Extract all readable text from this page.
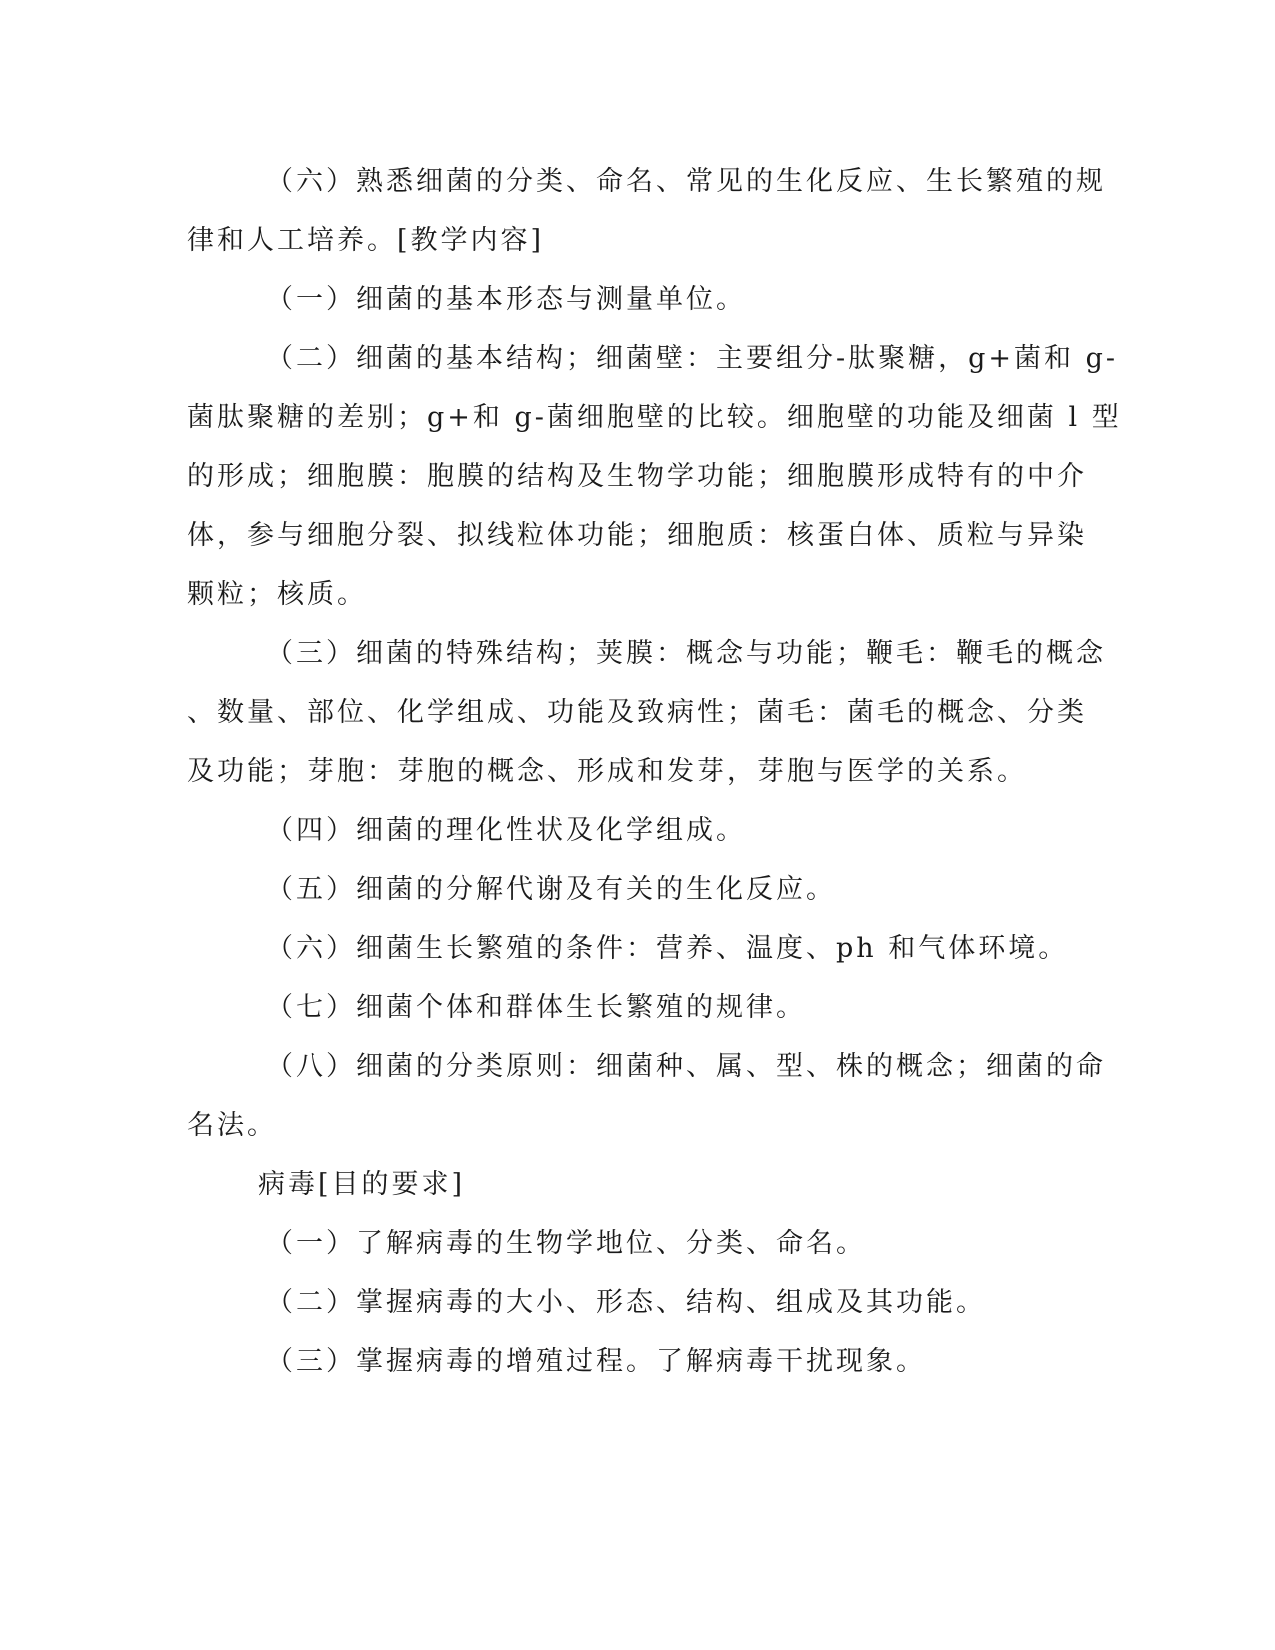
（六）熟悉细菌的分类、命名、常见的生化反应、生长繁殖的规
律和人工培养。[教学内容]
（一）细菌的基本形态与测量单位。
（二）细菌的基本结构；细菌壁：主要组分-肽聚糖，g+菌和 g-
菌肽聚糖的差别；g+和 g-菌细胞壁的比较。细胞壁的功能及细菌 l 型
的形成；细胞膜：胞膜的结构及生物学功能；细胞膜形成特有的中介
体，参与细胞分裂、拟线粒体功能；细胞质：核蛋白体、质粒与异染
颗粒；核质。
（三）细菌的特殊结构；荚膜：概念与功能；鞭毛：鞭毛的概念
、数量、部位、化学组成、功能及致病性；菌毛：菌毛的概念、分类
及功能；芽胞：芽胞的概念、形成和发芽，芽胞与医学的关系。
（四）细菌的理化性状及化学组成。
（五）细菌的分解代谢及有关的生化反应。
（六）细菌生长繁殖的条件：营养、温度、ph 和气体环境。
（七）细菌个体和群体生长繁殖的规律。
（八）细菌的分类原则：细菌种、属、型、株的概念；细菌的命
名法。
病毒[目的要求]
（一）了解病毒的生物学地位、分类、命名。
（二）掌握病毒的大小、形态、结构、组成及其功能。
（三）掌握病毒的增殖过程。了解病毒干扰现象。
